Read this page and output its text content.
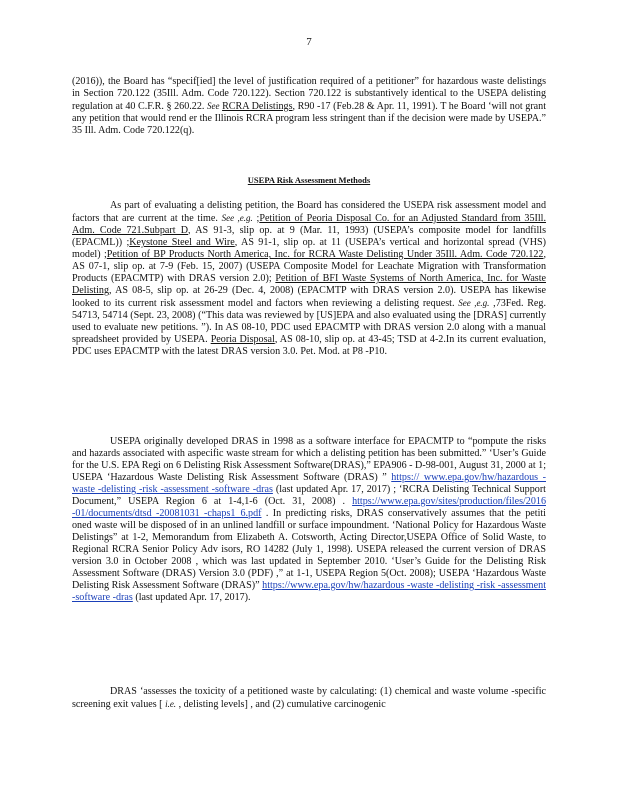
7

(2016)), the Board has “specif[ied] the level of justification required of a petitioner” for hazardous waste delistings in Section 720.122 (35Ill. Adm. Code 720.122). Section 720.122 is substantively identical to the USEPA delisting regulation at 40 C.F.R. § 260.22. See RCRA Delistings, R90 -17 (Feb.28 & Apr. 11, 1991). T he Board ‘will not grant any petition that would rend er the Illinois RCRA program less stringent than if the decision were made by USEPA.” 35 Ill. Adm. Code 720.122(q).

USEPA Risk Assessment Methods

As part of evaluating a delisting petition, the Board has considered the USEPA risk assessment model and factors that are current at the time. See ,e.g. ;Petition of Peoria Disposal Co. for an Adjusted Standard from 35Ill. Adm. Code 721.Subpart D, AS 91-3, slip op. at 9 (Mar. 11, 1993) (USEPA’s composite model for landfills (EPACML)) ;Keystone Steel and Wire, AS 91-1, slip op. at 11 (USEPA’s vertical and horizontal spread (VHS) model) ;Petition of BP Products North America, Inc. for RCRA Waste Delisting Under 35Ill. Adm. Code 720.122, AS 07-1, slip op. at 7-9 (Feb. 15, 2007) (USEPA Composite Model for Leachate Migration with Transformation Products (EPACMTP) with DRAS version 2.0); Petition of BFI Waste Systems of North America, Inc. for Waste Delisting, AS 08-5, slip op. at 26-29 (Dec. 4, 2008) (EPACMTP with DRAS version 2.0). USEPA has likewise looked to its current risk assessment model and factors when reviewing a delisting request. See ,e.g. ,73Fed. Reg. 54713, 54714 (Sept. 23, 2008) (“This data was reviewed by [US]EPA and also evaluated using the [DRAS] currently used to evaluate new petitions. ”). In AS 08-10, PDC used EPACMTP with DRAS version 2.0 along with a manual spreadsheet provided by USEPA. Peoria Disposal, AS 08-10, slip op. at 43-45; TSD at 4-2.In its current evaluation, PDC uses EPACMTP with the latest DRAS version 3.0. Pet. Mod. at P8 -P10.

USEPA originally developed DRAS in 1998 as a software interface for EPACMTP to “pompute the risks and hazards associated with aspecific waste stream for which a delisting petition has been submitted.” ‘User’s Guide for the U.S. EPA Regi on 6 Delisting Risk Assessment Software(DRAS),” EPA906 - D-98-001, August 31, 2000 at 1; USEPA ‘Hazardous Waste Delisting Risk Assessment Software (DRAS) ” https:// www.epa.gov/hw/hazardous -waste -delisting -risk -assessment -software -dras (last updated Apr. 17, 2017) ; ‘RCRA Delisting Technical Support Document,” USEPA Region 6 at 1-4,1-6 (Oct. 31, 2008) . https://www.epa.gov/sites/production/files/2016 -01/documents/dtsd -20081031 -chaps1_6.pdf . In predicting risks, DRAS conservatively assumes that the petiti oned waste will be disposed of in an unlined landfill or surface impoundment. ‘National Policy for Hazardous Waste Delistings” at 1-2, Memorandum from Elizabeth A. Cotsworth, Acting Director,USEPA Office of Solid Waste, to Regional RCRA Senior Policy Adv isors, RO 14282 (July 1, 1998). USEPA released the current version of DRAS version 3.0 in October 2008 , which was last updated in September 2010. ‘User’s Guide for the Delisting Risk Assessment Software (DRAS) Version 3.0 (PDF) ,” at 1-1, USEPA Region 5(Oct. 2008); USEPA ‘Hazardous Waste Delisting Risk Assessment Software (DRAS)” https://www.epa.gov/hw/hazardous -waste -delisting -risk -assessment -software -dras (last updated Apr. 17, 2017).

DRAS ‘assesses the toxicity of a petitioned waste by calculating: (1) chemical and waste volume -specific screening exit values [ i.e. , delisting levels] , and (2) cumulative carcinogenic
